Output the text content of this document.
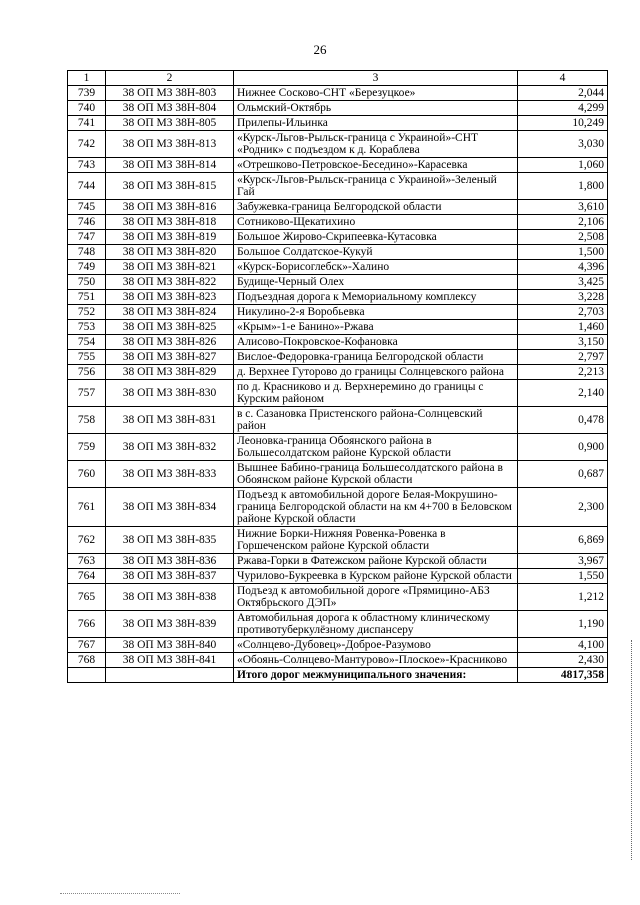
26
1	2	3	4
739	38 ОП МЗ 38Н-803	Нижнее Сосково-СНТ «Березуцкое»	2,044
740	38 ОП МЗ 38Н-804	Ольмский-Октябрь	4,299
741	38 ОП МЗ 38Н-805	Прилепы-Ильинка	10,249
742	38 ОП МЗ 38Н-813	«Курск-Льгов-Рыльск-граница с Украиной»-СНТ «Родник» с подъездом к д. Кораблева	3,030
743	38 ОП МЗ 38Н-814	«Отрешково-Петровское-Беседино»-Карасевка	1,060
744	38 ОП МЗ 38Н-815	«Курск-Льгов-Рыльск-граница с Украиной»-Зеленый Гай	1,800
745	38 ОП МЗ 38Н-816	Забужевка-граница Белгородской области	3,610
746	38 ОП МЗ 38Н-818	Сотниково-Щекатихино	2,106
747	38 ОП МЗ 38Н-819	Большое Жирово-Скрипеевка-Кутасовка	2,508
748	38 ОП МЗ 38Н-820	Большое Солдатское-Кукуй	1,500
749	38 ОП МЗ 38Н-821	«Курск-Борисоглебск»-Халино	4,396
750	38 ОП МЗ 38Н-822	Будище-Черный Олех	3,425
751	38 ОП МЗ 38Н-823	Подъездная дорога к Мемориальному комплексу	3,228
752	38 ОП МЗ 38Н-824	Никулино-2-я Воробьевка	2,703
753	38 ОП МЗ 38Н-825	«Крым»-1-е Банино»-Ржава	1,460
754	38 ОП МЗ 38Н-826	Алисово-Покровское-Кофановка	3,150
755	38 ОП МЗ 38Н-827	Вислое-Федоровка-граница Белгородской области	2,797
756	38 ОП МЗ 38Н-829	д. Верхнее Гуторово до границы Солнцевского района	2,213
757	38 ОП МЗ 38Н-830	по д. Красниково и д. Верхнеремино до границы с Курским районом	2,140
758	38 ОП МЗ 38Н-831	в с. Сазановка Пристенского района-Солнцевский район	0,478
759	38 ОП МЗ 38Н-832	Леоновка-граница Обоянского района в Большесолдатском районе Курской области	0,900
760	38 ОП МЗ 38Н-833	Вышнее Бабино-граница Большесолдатского района в Обоянском районе Курской области	0,687
761	38 ОП МЗ 38Н-834	Подъезд к автомобильной дороге Белая-Мокрушино-граница Белгородской области на км 4+700 в Беловском районе Курской области	2,300
762	38 ОП МЗ 38Н-835	Нижние Борки-Нижняя Ровенка-Ровенка в Горшеченском районе Курской области	6,869
763	38 ОП МЗ 38Н-836	Ржава-Горки в Фатежском районе Курской области	3,967
764	38 ОП МЗ 38Н-837	Чурилово-Букреевка в Курском районе Курской области	1,550
765	38 ОП МЗ 38Н-838	Подъезд к автомобильной дороге «Прямицино-АБЗ Октябрьского ДЭП»	1,212
766	38 ОП МЗ 38Н-839	Автомобильная дорога к областному клиническому противотуберкулёзному диспансеру	1,190
767	38 ОП МЗ 38Н-840	«Солнцево-Дубовец»-Доброе-Разумово	4,100
768	38 ОП МЗ 38Н-841	«Обоянь-Солнцево-Мантурово»-Плоское»-Красниково	2,430
		Итого дорог межмуниципального значения:	4817,358
